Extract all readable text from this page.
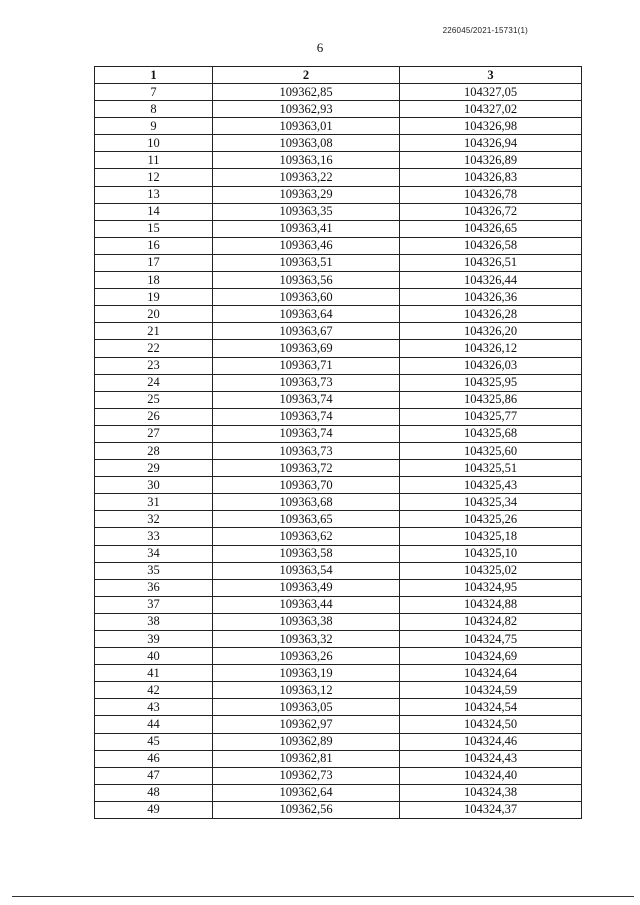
226045/2021-15731(1)
6
1	2	3
7	109362,85	104327,05
8	109362,93	104327,02
9	109363,01	104326,98
10	109363,08	104326,94
11	109363,16	104326,89
12	109363,22	104326,83
13	109363,29	104326,78
14	109363,35	104326,72
15	109363,41	104326,65
16	109363,46	104326,58
17	109363,51	104326,51
18	109363,56	104326,44
19	109363,60	104326,36
20	109363,64	104326,28
21	109363,67	104326,20
22	109363,69	104326,12
23	109363,71	104326,03
24	109363,73	104325,95
25	109363,74	104325,86
26	109363,74	104325,77
27	109363,74	104325,68
28	109363,73	104325,60
29	109363,72	104325,51
30	109363,70	104325,43
31	109363,68	104325,34
32	109363,65	104325,26
33	109363,62	104325,18
34	109363,58	104325,10
35	109363,54	104325,02
36	109363,49	104324,95
37	109363,44	104324,88
38	109363,38	104324,82
39	109363,32	104324,75
40	109363,26	104324,69
41	109363,19	104324,64
42	109363,12	104324,59
43	109363,05	104324,54
44	109362,97	104324,50
45	109362,89	104324,46
46	109362,81	104324,43
47	109362,73	104324,40
48	109362,64	104324,38
49	109362,56	104324,37
